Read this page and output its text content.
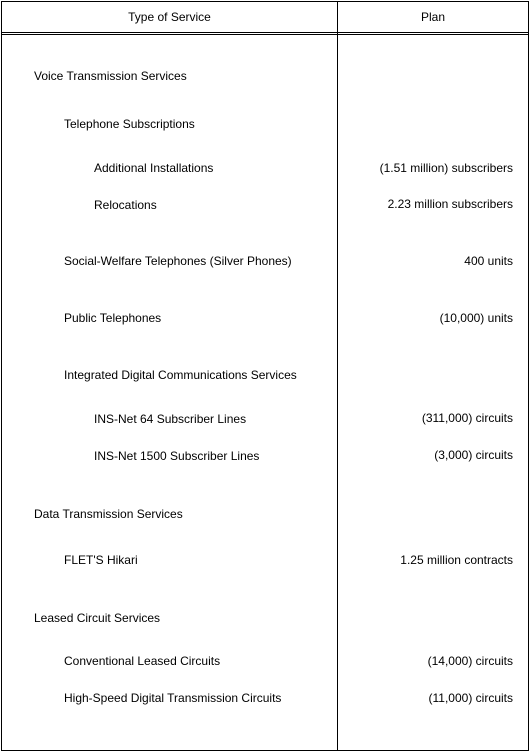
Type of Service	Plan
Voice Transmission Services
Telephone Subscriptions
Additional Installations	(1.51 million) subscribers
Relocations	2.23 million subscribers
Social-Welfare Telephones (Silver Phones)	400 units
Public Telephones	(10,000) units
Integrated Digital Communications Services
INS-Net 64 Subscriber Lines	(311,000) circuits
INS-Net 1500 Subscriber Lines	(3,000) circuits
Data Transmission Services
FLET'S Hikari	1.25 million contracts
Leased Circuit Services
Conventional Leased Circuits	(14,000) circuits
High-Speed Digital Transmission Circuits	(11,000) circuits
